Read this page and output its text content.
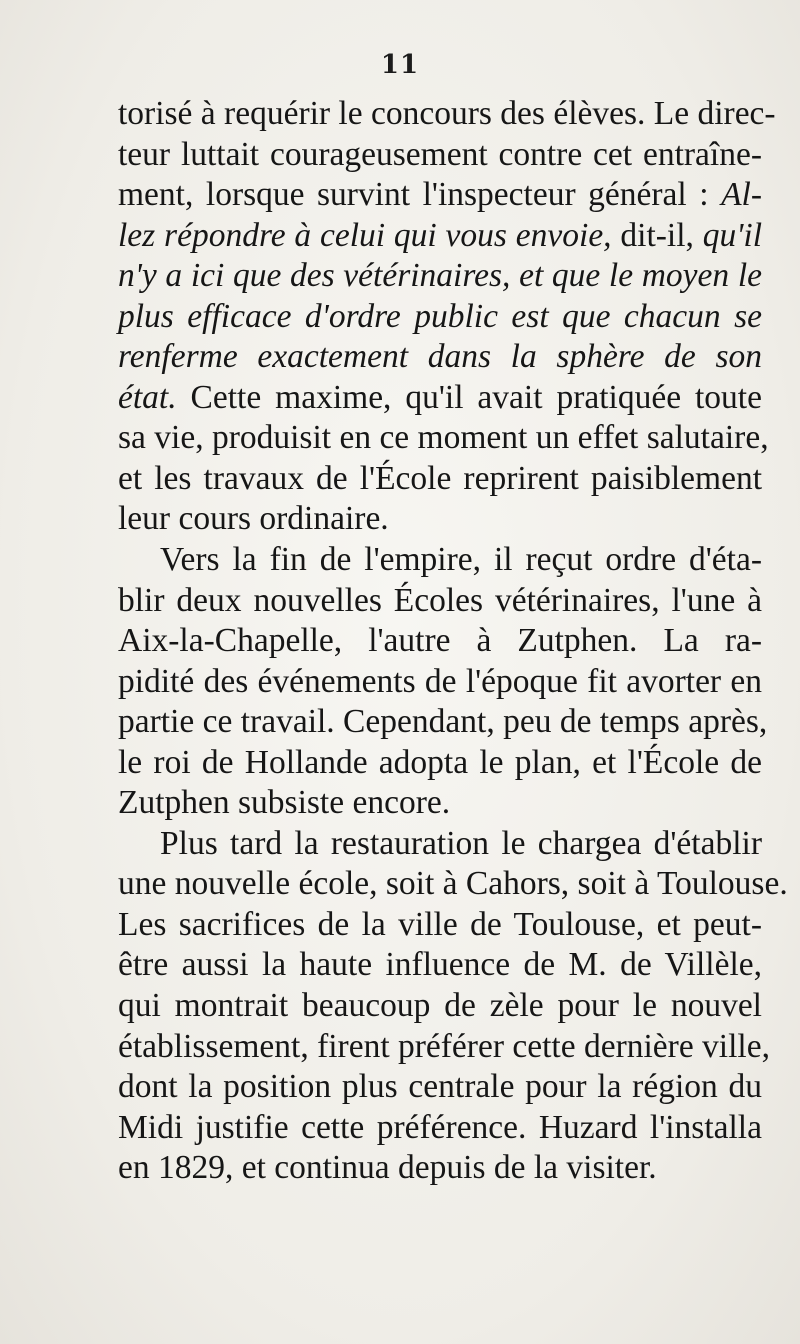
11
torisé à requérir le concours des élèves. Le direc-
teur luttait courageusement contre cet entraîne-
ment, lorsque survint l'inspecteur général : Al-
lez répondre à celui qui vous envoie, dit-il, qu'il
n'y a ici que des vétérinaires, et que le moyen le
plus efficace d'ordre public est que chacun se
renferme exactement dans la sphère de son
état. Cette maxime, qu'il avait pratiquée toute
sa vie, produisit en ce moment un effet salutaire,
et les travaux de l'École reprirent paisiblement
leur cours ordinaire.
Vers la fin de l'empire, il reçut ordre d'éta-
blir deux nouvelles Écoles vétérinaires, l'une à
Aix-la-Chapelle, l'autre à Zutphen. La ra-
pidité des événements de l'époque fit avorter en
partie ce travail. Cependant, peu de temps après,
le roi de Hollande adopta le plan, et l'École de
Zutphen subsiste encore.
Plus tard la restauration le chargea d'établir
une nouvelle école, soit à Cahors, soit à Toulouse.
Les sacrifices de la ville de Toulouse, et peut-
être aussi la haute influence de M. de Villèle,
qui montrait beaucoup de zèle pour le nouvel
établissement, firent préférer cette dernière ville,
dont la position plus centrale pour la région du
Midi justifie cette préférence. Huzard l'installa
en 1829, et continua depuis de la visiter.
